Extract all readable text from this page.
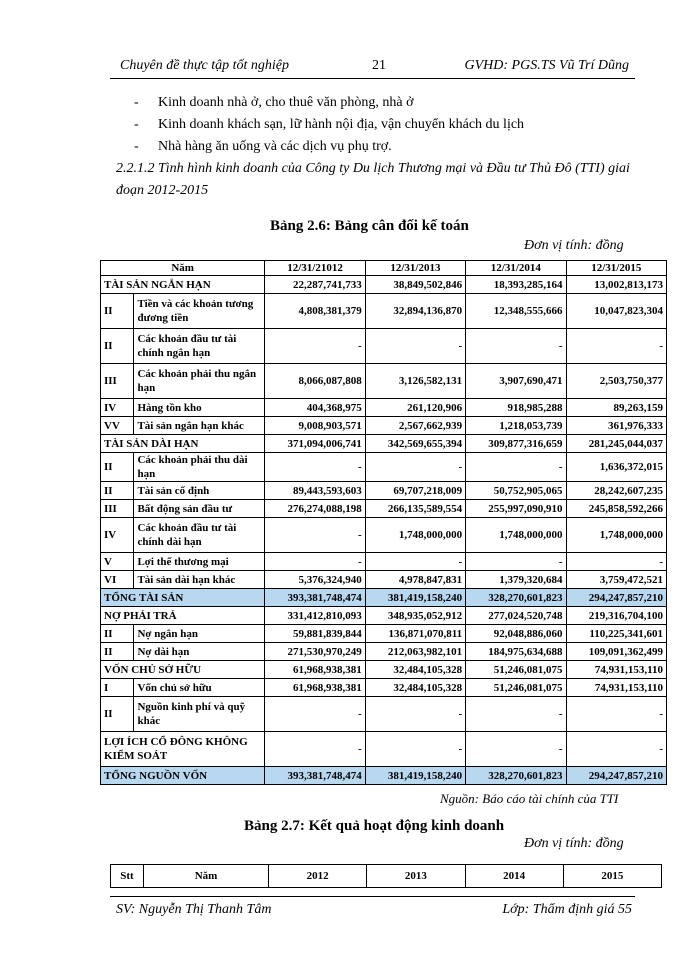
Chuyên đề thực tập tốt nghiệp	21	GVHD: PGS.TS Vũ Trí Dũng
- Kinh doanh nhà ở, cho thuê văn phòng, nhà ở
- Kinh doanh khách sạn, lữ hành nội địa, vận chuyển khách du lịch
- Nhà hàng ăn uống và các dịch vụ phụ trợ.
2.2.1.2 Tình hình kinh doanh của Công ty Du lịch Thương mại và Đầu tư Thủ Đô (TTI) giai đoạn 2012-2015
Bảng 2.6: Bảng cân đối kế toán
Đơn vị tính: đồng
Năm		12/31/21012	12/31/2013	12/31/2014	12/31/2015
TÀI SẢN NGẮN HẠN		22,287,741,733	38,849,502,846	18,393,285,164	13,002,813,173
II	Tiền và các khoản tương đương tiền	4,808,381,379	32,894,136,870	12,348,555,666	10,047,823,304
II	Các khoản đầu tư tài chính ngắn hạn	-	-	-	-
III	Các khoản phải thu ngắn hạn	8,066,087,808	3,126,582,131	3,907,690,471	2,503,750,377
IV	Hàng tồn kho	404,368,975	261,120,906	918,985,288	89,263,159
VV	Tài sản ngắn hạn khác	9,008,903,571	2,567,662,939	1,218,053,739	361,976,333
TÀI SẢN DÀI HẠN		371,094,006,741	342,569,655,394	309,877,316,659	281,245,044,037
II	Các khoản phải thu dài hạn	-	-	-	1,636,372,015
II	Tài sản cố định	89,443,593,603	69,707,218,009	50,752,905,065	28,242,607,235
III	Bất động sản đầu tư	276,274,088,198	266,135,589,554	255,997,090,910	245,858,592,266
IV	Các khoản đầu tư tài chính dài hạn	-	1,748,000,000	1,748,000,000	1,748,000,000
V	Lợi thế thương mại	-	-	-	-
VI	Tài sản dài hạn khác	5,376,324,940	4,978,847,831	1,379,320,684	3,759,472,521
TỔNG TÀI SẢN		393,381,748,474	381,419,158,240	328,270,601,823	294,247,857,210
NỢ PHẢI TRẢ		331,412,810,093	348,935,052,912	277,024,520,748	219,316,704,100
II	Nợ ngắn hạn	59,881,839,844	136,871,070,811	92,048,886,060	110,225,341,601
II	Nợ dài hạn	271,530,970,249	212,063,982,101	184,975,634,688	109,091,362,499
VỐN CHỦ SỞ HỮU		61,968,938,381	32,484,105,328	51,246,081,075	74,931,153,110
I	Vốn chủ sở hữu	61,968,938,381	32,484,105,328	51,246,081,075	74,931,153,110
II	Nguồn kinh phí và quỹ khác	-	-	-	-
LỢI ÍCH CỔ ĐÔNG KHÔNG KIỂM SOÁT		-	-	-	-
TỔNG NGUỒN VỐN		393,381,748,474	381,419,158,240	328,270,601,823	294,247,857,210
Nguồn: Báo cáo tài chính của TTI
Bảng 2.7: Kết quả hoạt động kinh doanh
Đơn vị tính: đồng
Stt	Năm	2012	2013	2014	2015
SV: Nguyễn Thị Thanh Tâm	Lớp: Thẩm định giá 55
